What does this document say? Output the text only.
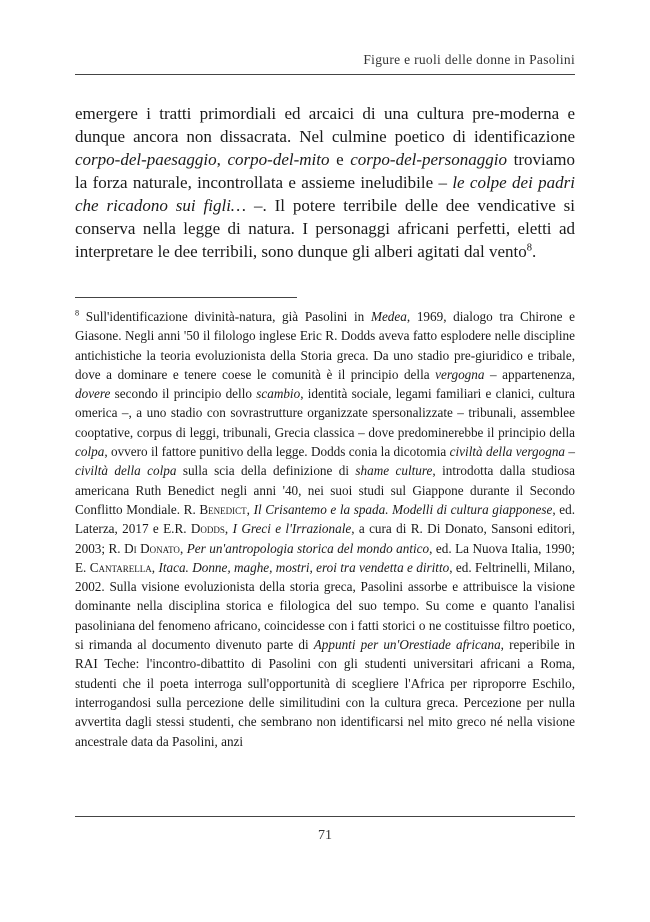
Figure e ruoli delle donne in Pasolini

emergere i tratti primordiali ed arcaici di una cultura pre-moderna e dunque ancora non dissacrata. Nel culmine poetico di identificazione corpo-del-paesaggio, corpo-del-mito e corpo-del-personaggio troviamo la forza naturale, incontrollata e assieme ineludibile – le colpe dei padri che ricadono sui figli… –. Il potere terribile delle dee vendicative si conserva nella legge di natura. I personaggi africani perfetti, eletti ad interpretare le dee terribili, sono dunque gli alberi agitati dal vento$^8$.

$^8$ Sull'identificazione divinità-natura, già Pasolini in Medea, 1969, dialogo tra Chirone e Giasone. Negli anni '50 il filologo inglese Eric R. Dodds aveva fatto esplodere nelle discipline antichistiche la teoria evoluzionista della Storia greca. Da uno stadio pre-giuridico e tribale, dove a dominare e tenere coese le comunità è il principio della vergogna – appartenenza, dovere secondo il principio dello scambio, identità sociale, legami familiari e clanici, cultura omerica –, a uno stadio con sovrastrutture organizzate spersonalizzate – tribunali, assemblee cooptative, corpus di leggi, tribunali, Grecia classica – dove predominerebbe il principio della colpa, ovvero il fattore punitivo della legge. Dodds conia la dicotomia civiltà della vergogna – civiltà della colpa sulla scia della definizione di shame culture, introdotta dalla studiosa americana Ruth Benedict negli anni '40, nei suoi studi sul Giappone durante il Secondo Conflitto Mondiale. R. Benedict, Il Crisantemo e la spada. Modelli di cultura giapponese, ed. Laterza, 2017 e E.R. Dodds, I Greci e l'Irrazionale, a cura di R. Di Donato, Sansoni editori, 2003; R. Di Donato, Per un'antropologia storica del mondo antico, ed. La Nuova Italia, 1990; E. Cantarella, Itaca. Donne, maghe, mostri, eroi tra vendetta e diritto, ed. Feltrinelli, Milano, 2002. Sulla visione evoluzionista della storia greca, Pasolini assorbe e attribuisce la visione dominante nella disciplina storica e filologica del suo tempo. Su come e quanto l'analisi pasoliniana del fenomeno africano, coincidesse con i fatti storici o ne costituisse filtro poetico, si rimanda al documento divenuto parte di Appunti per un'Orestiade africana, reperibile in RAI Teche: l'incontro-dibattito di Pasolini con gli studenti universitari africani a Roma, studenti che il poeta interroga sull'opportunità di scegliere l'Africa per riproporre Eschilo, interrogandosi sulla percezione delle similitudini con la cultura greca. Percezione per nulla avvertita dagli stessi studenti, che sembrano non identificarsi nel mito greco né nella visione ancestrale data da Pasolini, anzi

71
